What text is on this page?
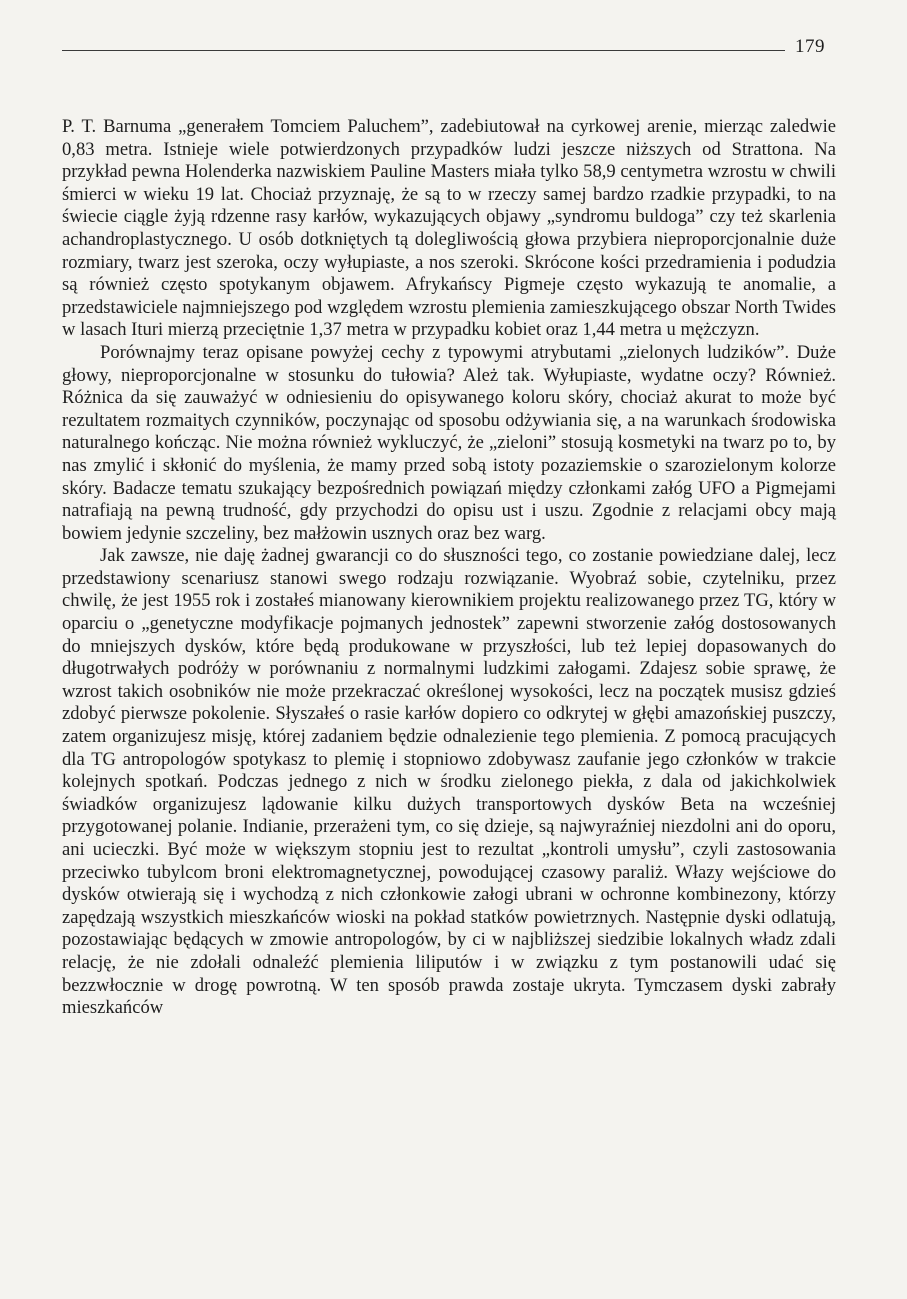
179

P. T. Barnuma „generałem Tomciem Paluchem”, zadebiutował na cyrkowej arenie, mierząc zaledwie 0,83 metra. Istnieje wiele potwierdzonych przypadków ludzi jeszcze niższych od Strattona. Na przykład pewna Holenderka nazwiskiem Pauline Masters miała tylko 58,9 centymetra wzrostu w chwili śmierci w wieku 19 lat. Chociaż przyznaję, że są to w rzeczy samej bardzo rzadkie przypadki, to na świecie ciągle żyją rdzenne rasy karłów, wykazujących objawy „syndromu buldoga” czy też skarlenia achandroplastycznego. U osób dotkniętych tą dolegliwością głowa przybiera nieproporcjonalnie duże rozmiary, twarz jest szeroka, oczy wyłupiaste, a nos szeroki. Skrócone kości przedramienia i podudzia są również często spotykanym objawem. Afrykańscy Pigmeje często wykazują te anomalie, a przedstawiciele najmniejszego pod względem wzrostu plemienia zamieszkującego obszar North Twides w lasach Ituri mierzą przeciętnie 1,37 metra w przypadku kobiet oraz 1,44 metra u mężczyzn.

Porównajmy teraz opisane powyżej cechy z typowymi atrybutami „zielonych ludzików”. Duże głowy, nieproporcjonalne w stosunku do tułowia? Ależ tak. Wyłupiaste, wydatne oczy? Również. Różnica da się zauważyć w odniesieniu do opisywanego koloru skóry, chociaż akurat to może być rezultatem rozmaitych czynników, poczynając od sposobu odżywiania się, a na warunkach środowiska naturalnego kończąc. Nie można również wykluczyć, że „zieloni” stosują kosmetyki na twarz po to, by nas zmylić i skłonić do myślenia, że mamy przed sobą istoty pozaziemskie o szarozielonym kolorze skóry. Badacze tematu szukający bezpośrednich powiązań między członkami załóg UFO a Pigmejami natrafiają na pewną trudność, gdy przychodzi do opisu ust i uszu. Zgodnie z relacjami obcy mają bowiem jedynie szczeliny, bez małżowin usznych oraz bez warg.

Jak zawsze, nie daję żadnej gwarancji co do słuszności tego, co zostanie powiedziane dalej, lecz przedstawiony scenariusz stanowi swego rodzaju rozwiązanie. Wyobraź sobie, czytelniku, przez chwilę, że jest 1955 rok i zostałeś mianowany kierownikiem projektu realizowanego przez TG, który w oparciu o „genetyczne modyfikacje pojmanych jednostek” zapewni stworzenie załóg dostosowanych do mniejszych dysków, które będą produkowane w przyszłości, lub też lepiej dopasowanych do długotrwałych podróży w porównaniu z normalnymi ludzkimi załogami. Zdajesz sobie sprawę, że wzrost takich osobników nie może przekraczać określonej wysokości, lecz na początek musisz gdzieś zdobyć pierwsze pokolenie. Słyszałeś o rasie karłów dopiero co odkrytej w głębi amazońskiej puszczy, zatem organizujesz misję, której zadaniem będzie odnalezienie tego plemienia. Z pomocą pracujących dla TG antropologów spotykasz to plemię i stopniowo zdobywasz zaufanie jego członków w trakcie kolejnych spotkań. Podczas jednego z nich w środku zielonego piekła, z dala od jakichkolwiek świadków organizujesz lądowanie kilku dużych transportowych dysków Beta na wcześniej przygotowanej polanie. Indianie, przerażeni tym, co się dzieje, są najwyraźniej niezdolni ani do oporu, ani ucieczki. Być może w większym stopniu jest to rezultat „kontroli umysłu”, czyli zastosowania przeciwko tubylcom broni elektromagnetycznej, powodującej czasowy paraliż. Włazy wejściowe do dysków otwierają się i wychodzą z nich członkowie załogi ubrani w ochronne kombinezony, którzy zapędzają wszystkich mieszkańców wioski na pokład statków powietrznych. Następnie dyski odlatują, pozostawiając będących w zmowie antropologów, by ci w najbliższej siedzibie lokalnych władz zdali relację, że nie zdołali odnaleźć plemienia liliputów i w związku z tym postanowili udać się bezzwłocznie w drogę powrotną. W ten sposób prawda zostaje ukryta. Tymczasem dyski zabrały mieszkańców
